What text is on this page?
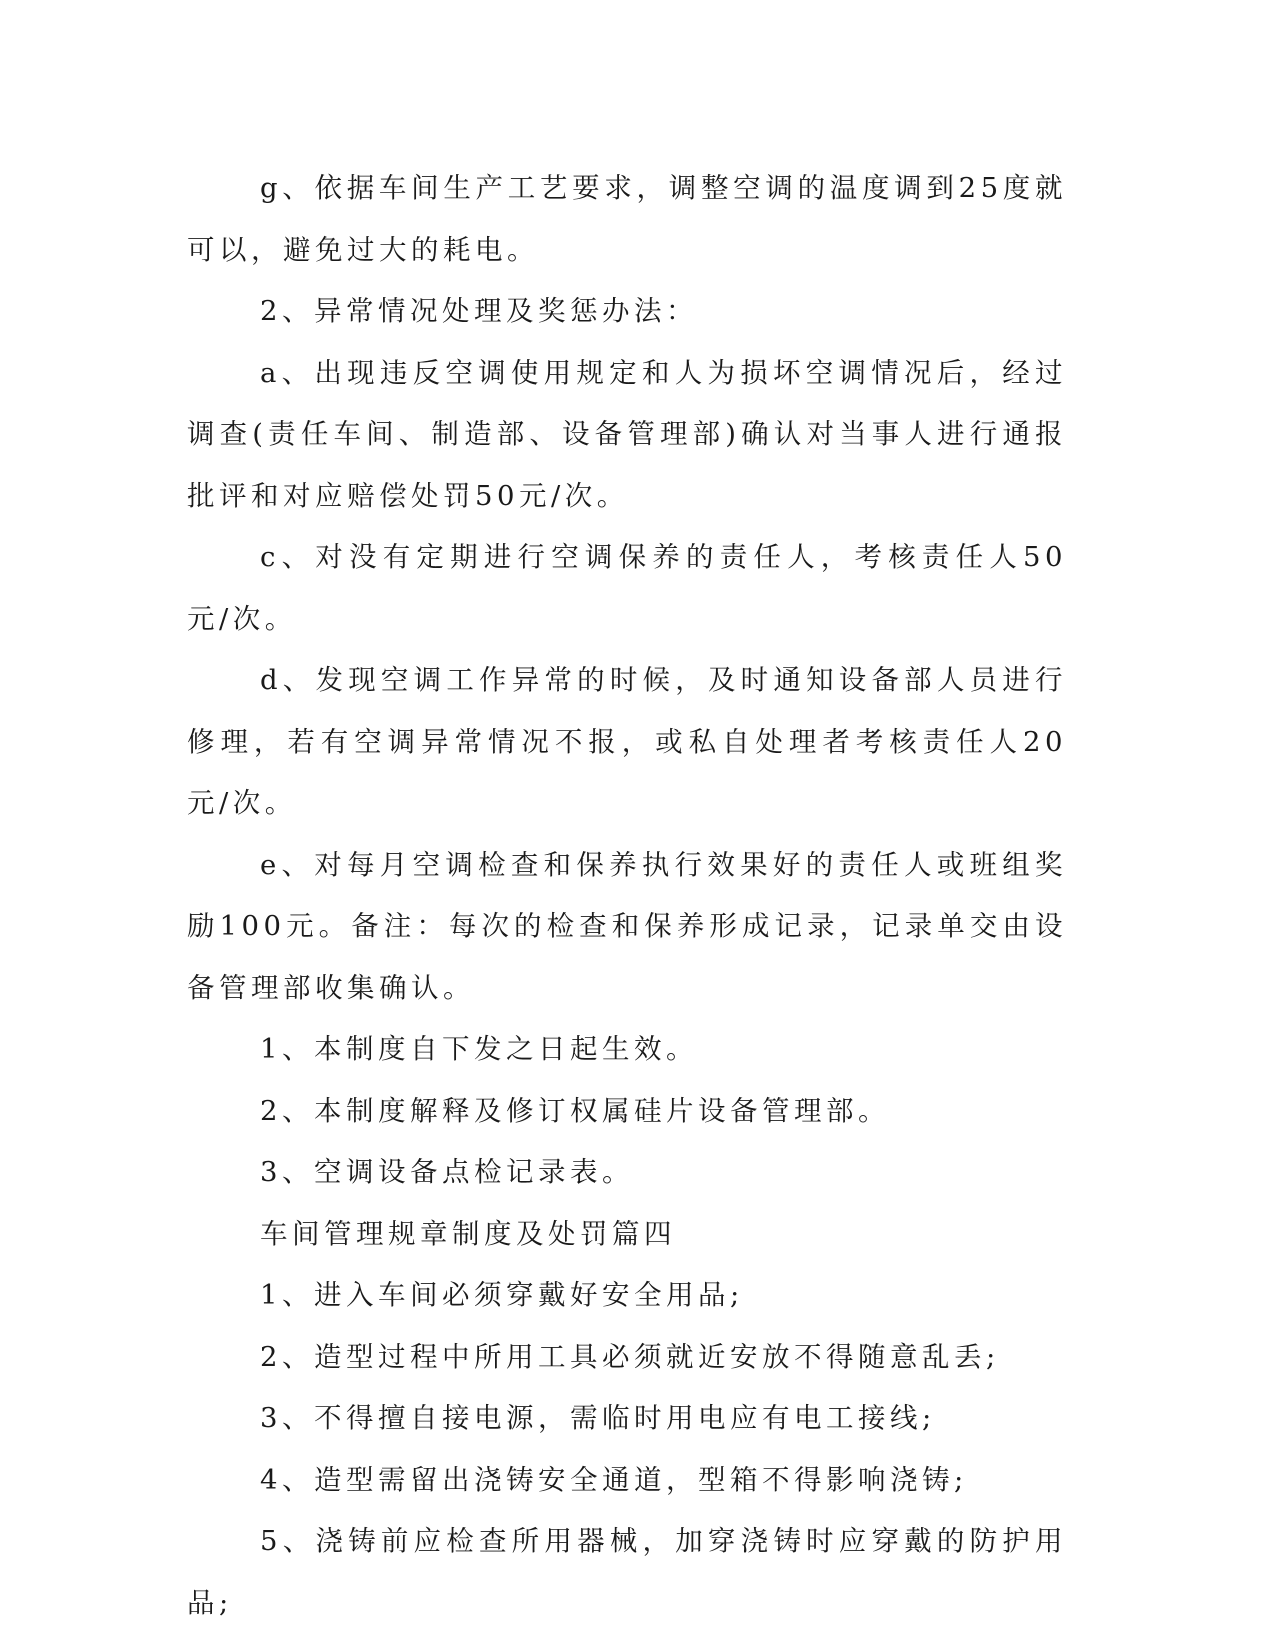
g、依据车间生产工艺要求，调整空调的温度调到25度就可以，避免过大的耗电。

2、异常情况处理及奖惩办法：

a、出现违反空调使用规定和人为损坏空调情况后，经过调查(责任车间、制造部、设备管理部)确认对当事人进行通报批评和对应赔偿处罚50元/次。

c、对没有定期进行空调保养的责任人，考核责任人50元/次。

d、发现空调工作异常的时候，及时通知设备部人员进行修理，若有空调异常情况不报，或私自处理者考核责任人20元/次。

e、对每月空调检查和保养执行效果好的责任人或班组奖励100元。备注：每次的检查和保养形成记录，记录单交由设备管理部收集确认。

1、本制度自下发之日起生效。

2、本制度解释及修订权属硅片设备管理部。

3、空调设备点检记录表。

车间管理规章制度及处罚篇四

1、进入车间必须穿戴好安全用品;

2、造型过程中所用工具必须就近安放不得随意乱丢;

3、不得擅自接电源，需临时用电应有电工接线;

4、造型需留出浇铸安全通道，型箱不得影响浇铸;

5、浇铸前应检查所用器械，加穿浇铸时应穿戴的防护用品;
